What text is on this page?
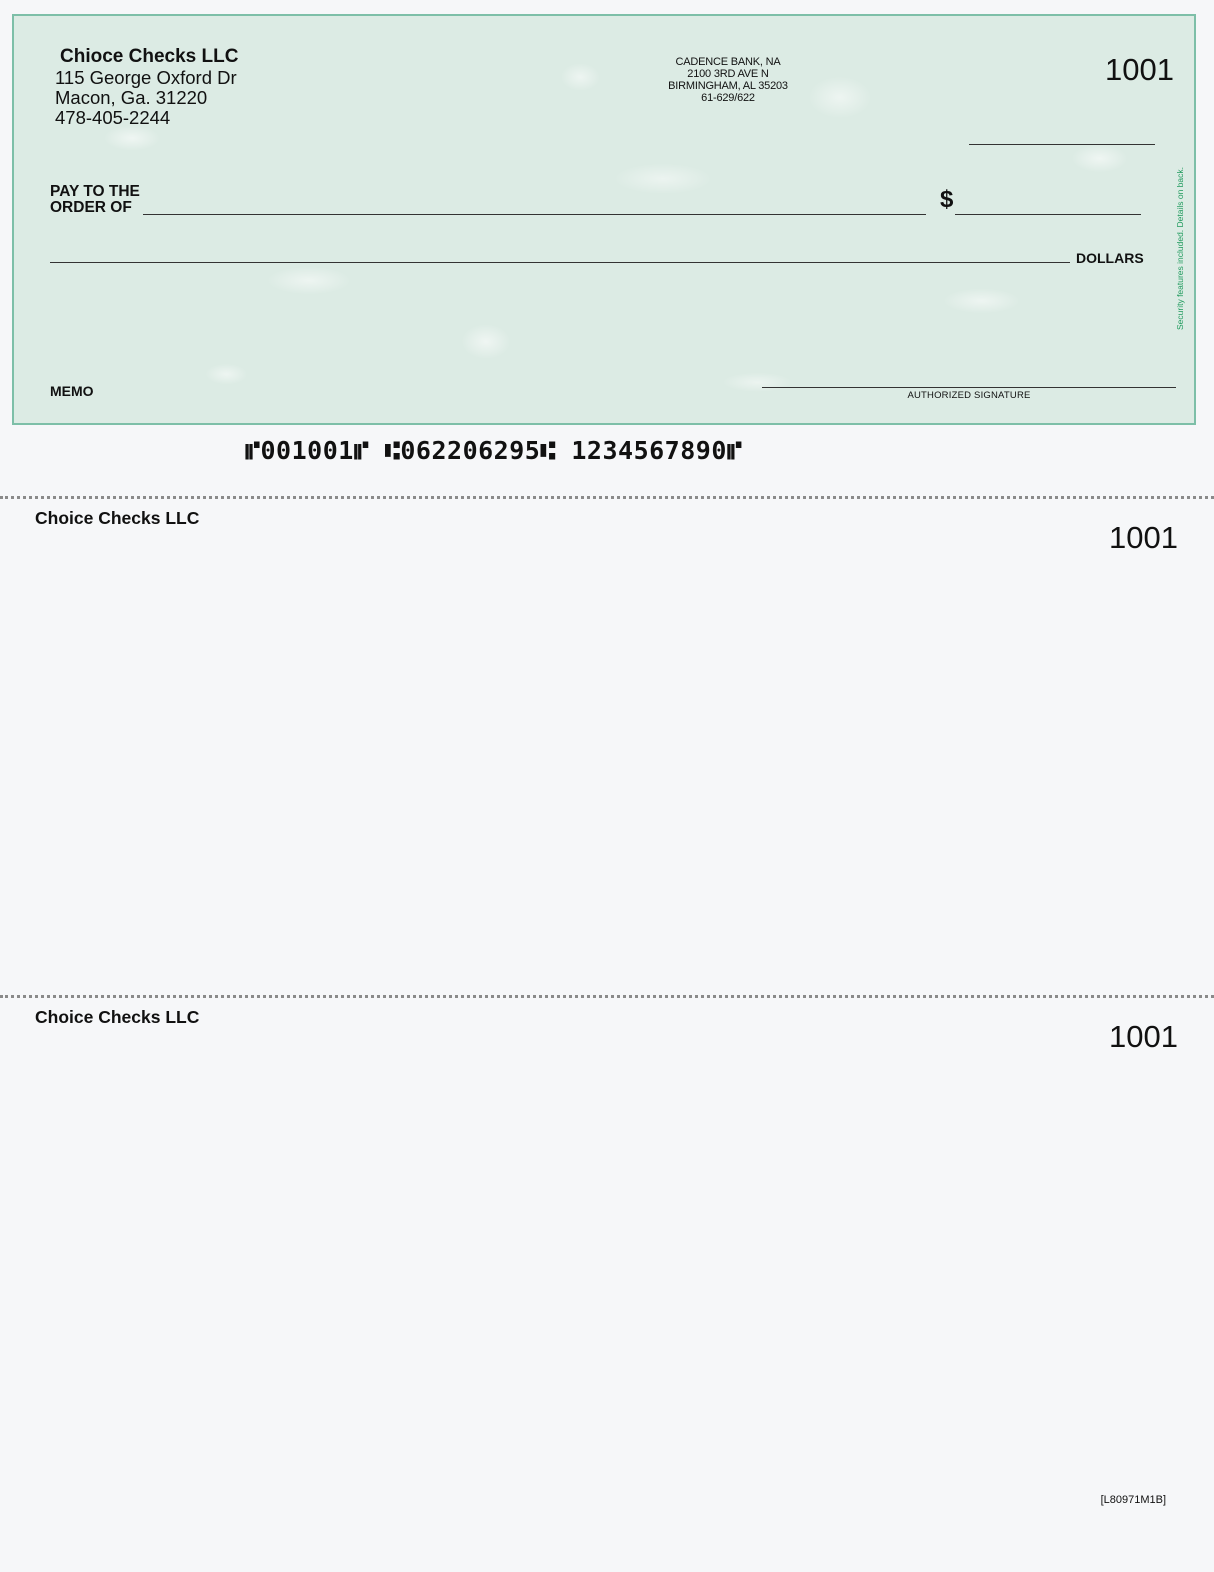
Chioce Checks LLC
115 George Oxford Dr
Macon, Ga. 31220
478-405-2244
CADENCE BANK, NA
2100 3RD AVE N
BIRMINGHAM, AL 35203
61-629/622
1001
PAY TO THE
ORDER OF	$
DOLLARS
MEMO	AUTHORIZED SIGNATURE
Security features included. Details on back.
⑈001001⑈ ⑆062206295⑆ 1234567890⑈
Choice Checks LLC
1001
Choice Checks LLC
1001
[L80971M1B]
